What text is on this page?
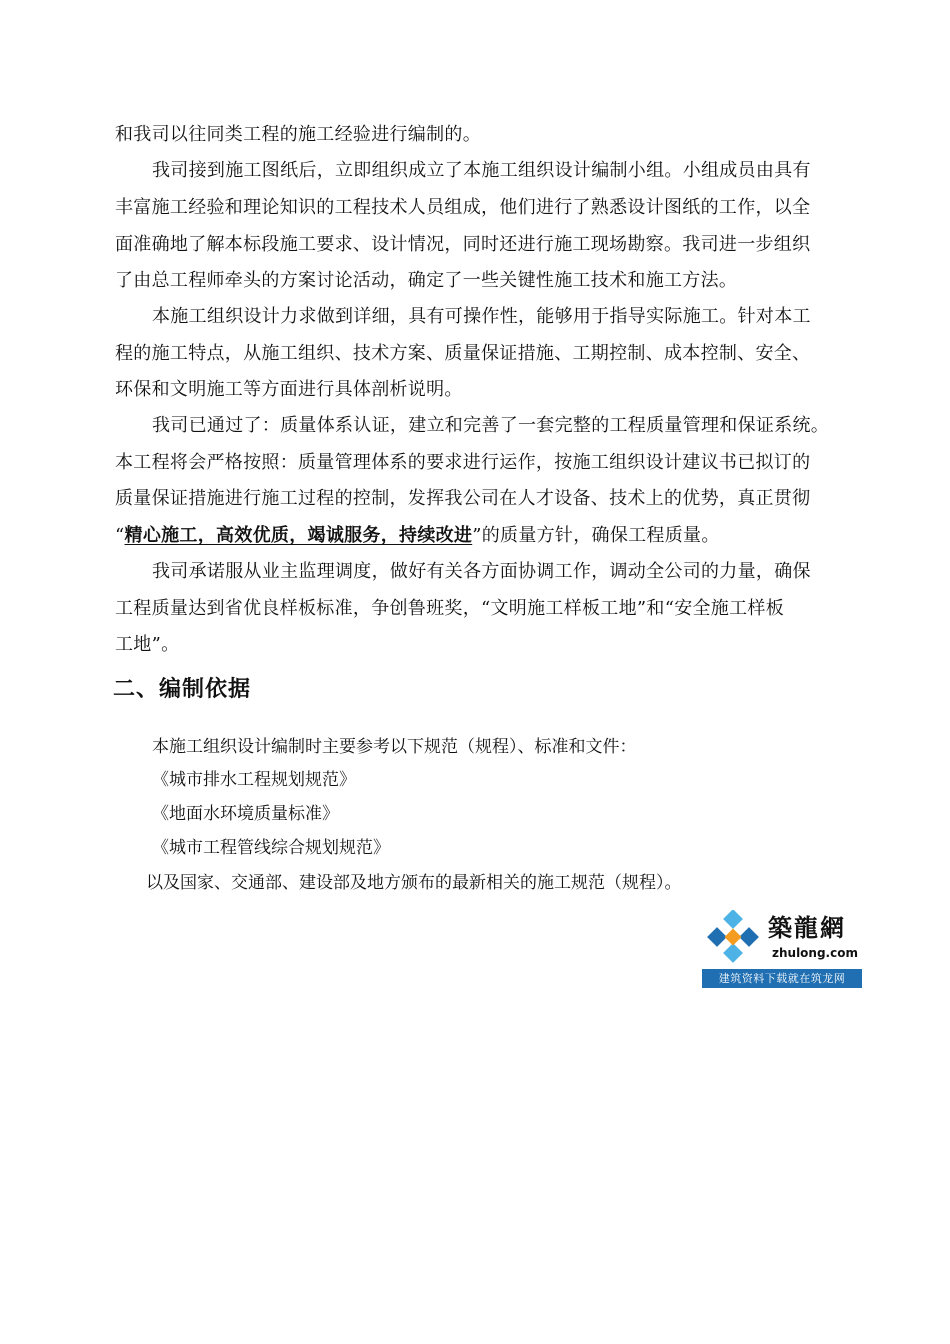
和我司以往同类工程的施工经验进行编制的。
我司接到施工图纸后，立即组织成立了本施工组织设计编制小组。小组成员由具有
丰富施工经验和理论知识的工程技术人员组成，他们进行了熟悉设计图纸的工作，以全
面准确地了解本标段施工要求、设计情况，同时还进行施工现场勘察。我司进一步组织
了由总工程师牵头的方案讨论活动，确定了一些关键性施工技术和施工方法。
本施工组织设计力求做到详细，具有可操作性，能够用于指导实际施工。针对本工
程的施工特点，从施工组织、技术方案、质量保证措施、工期控制、成本控制、安全、
环保和文明施工等方面进行具体剖析说明。
我司已通过了：质量体系认证，建立和完善了一套完整的工程质量管理和保证系统。
本工程将会严格按照：质量管理体系的要求进行运作，按施工组织设计建议书已拟订的
质量保证措施进行施工过程的控制，发挥我公司在人才设备、技术上的优势，真正贯彻
“精心施工，高效优质，竭诚服务，持续改进”的质量方针，确保工程质量。
我司承诺服从业主监理调度，做好有关各方面协调工作，调动全公司的力量，确保
工程质量达到省优良样板标准，争创鲁班奖，“文明施工样板工地”和“安全施工样板
工地”。
二、编制依据
本施工组织设计编制时主要参考以下规范（规程）、标准和文件：
《城市排水工程规划规范》
《地面水环境质量标准》
《城市工程管线综合规划规范》
以及国家、交通部、建设部及地方颁布的最新相关的施工规范（规程）。
築龍網
zhulong.com
建筑资料下载就在筑龙网
